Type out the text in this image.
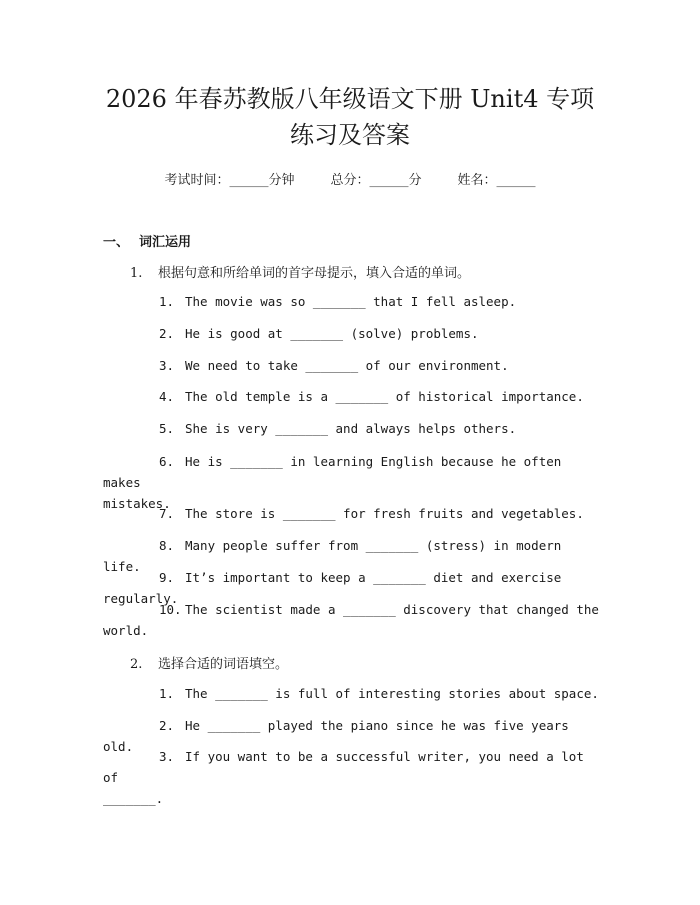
2026 年春苏教版八年级语文下册 Unit4 专项
练习及答案
考试时间：______分钟	总分：______分	姓名：______
一、 词汇运用
1. 根据句意和所给单词的首字母提示，填入合适的单词。
1. The movie was so _______ that I fell asleep.
2. He is good at _______ (solve) problems.
3. We need to take _______ of our environment.
4. The old temple is a _______ of historical importance.
5. She is very _______ and always helps others.
6. He is _______ in learning English because he often makes
mistakes.
7. The store is _______ for fresh fruits and vegetables.
8. Many people suffer from _______ (stress) in modern life.
9. It’s important to keep a _______ diet and exercise regularly.
10. The scientist made a _______ discovery that changed the
world.
2. 选择合适的词语填空。
1. The _______ is full of interesting stories about space.
2. He _______ played the piano since he was five years old.
3. If you want to be a successful writer, you need a lot of
_______.
